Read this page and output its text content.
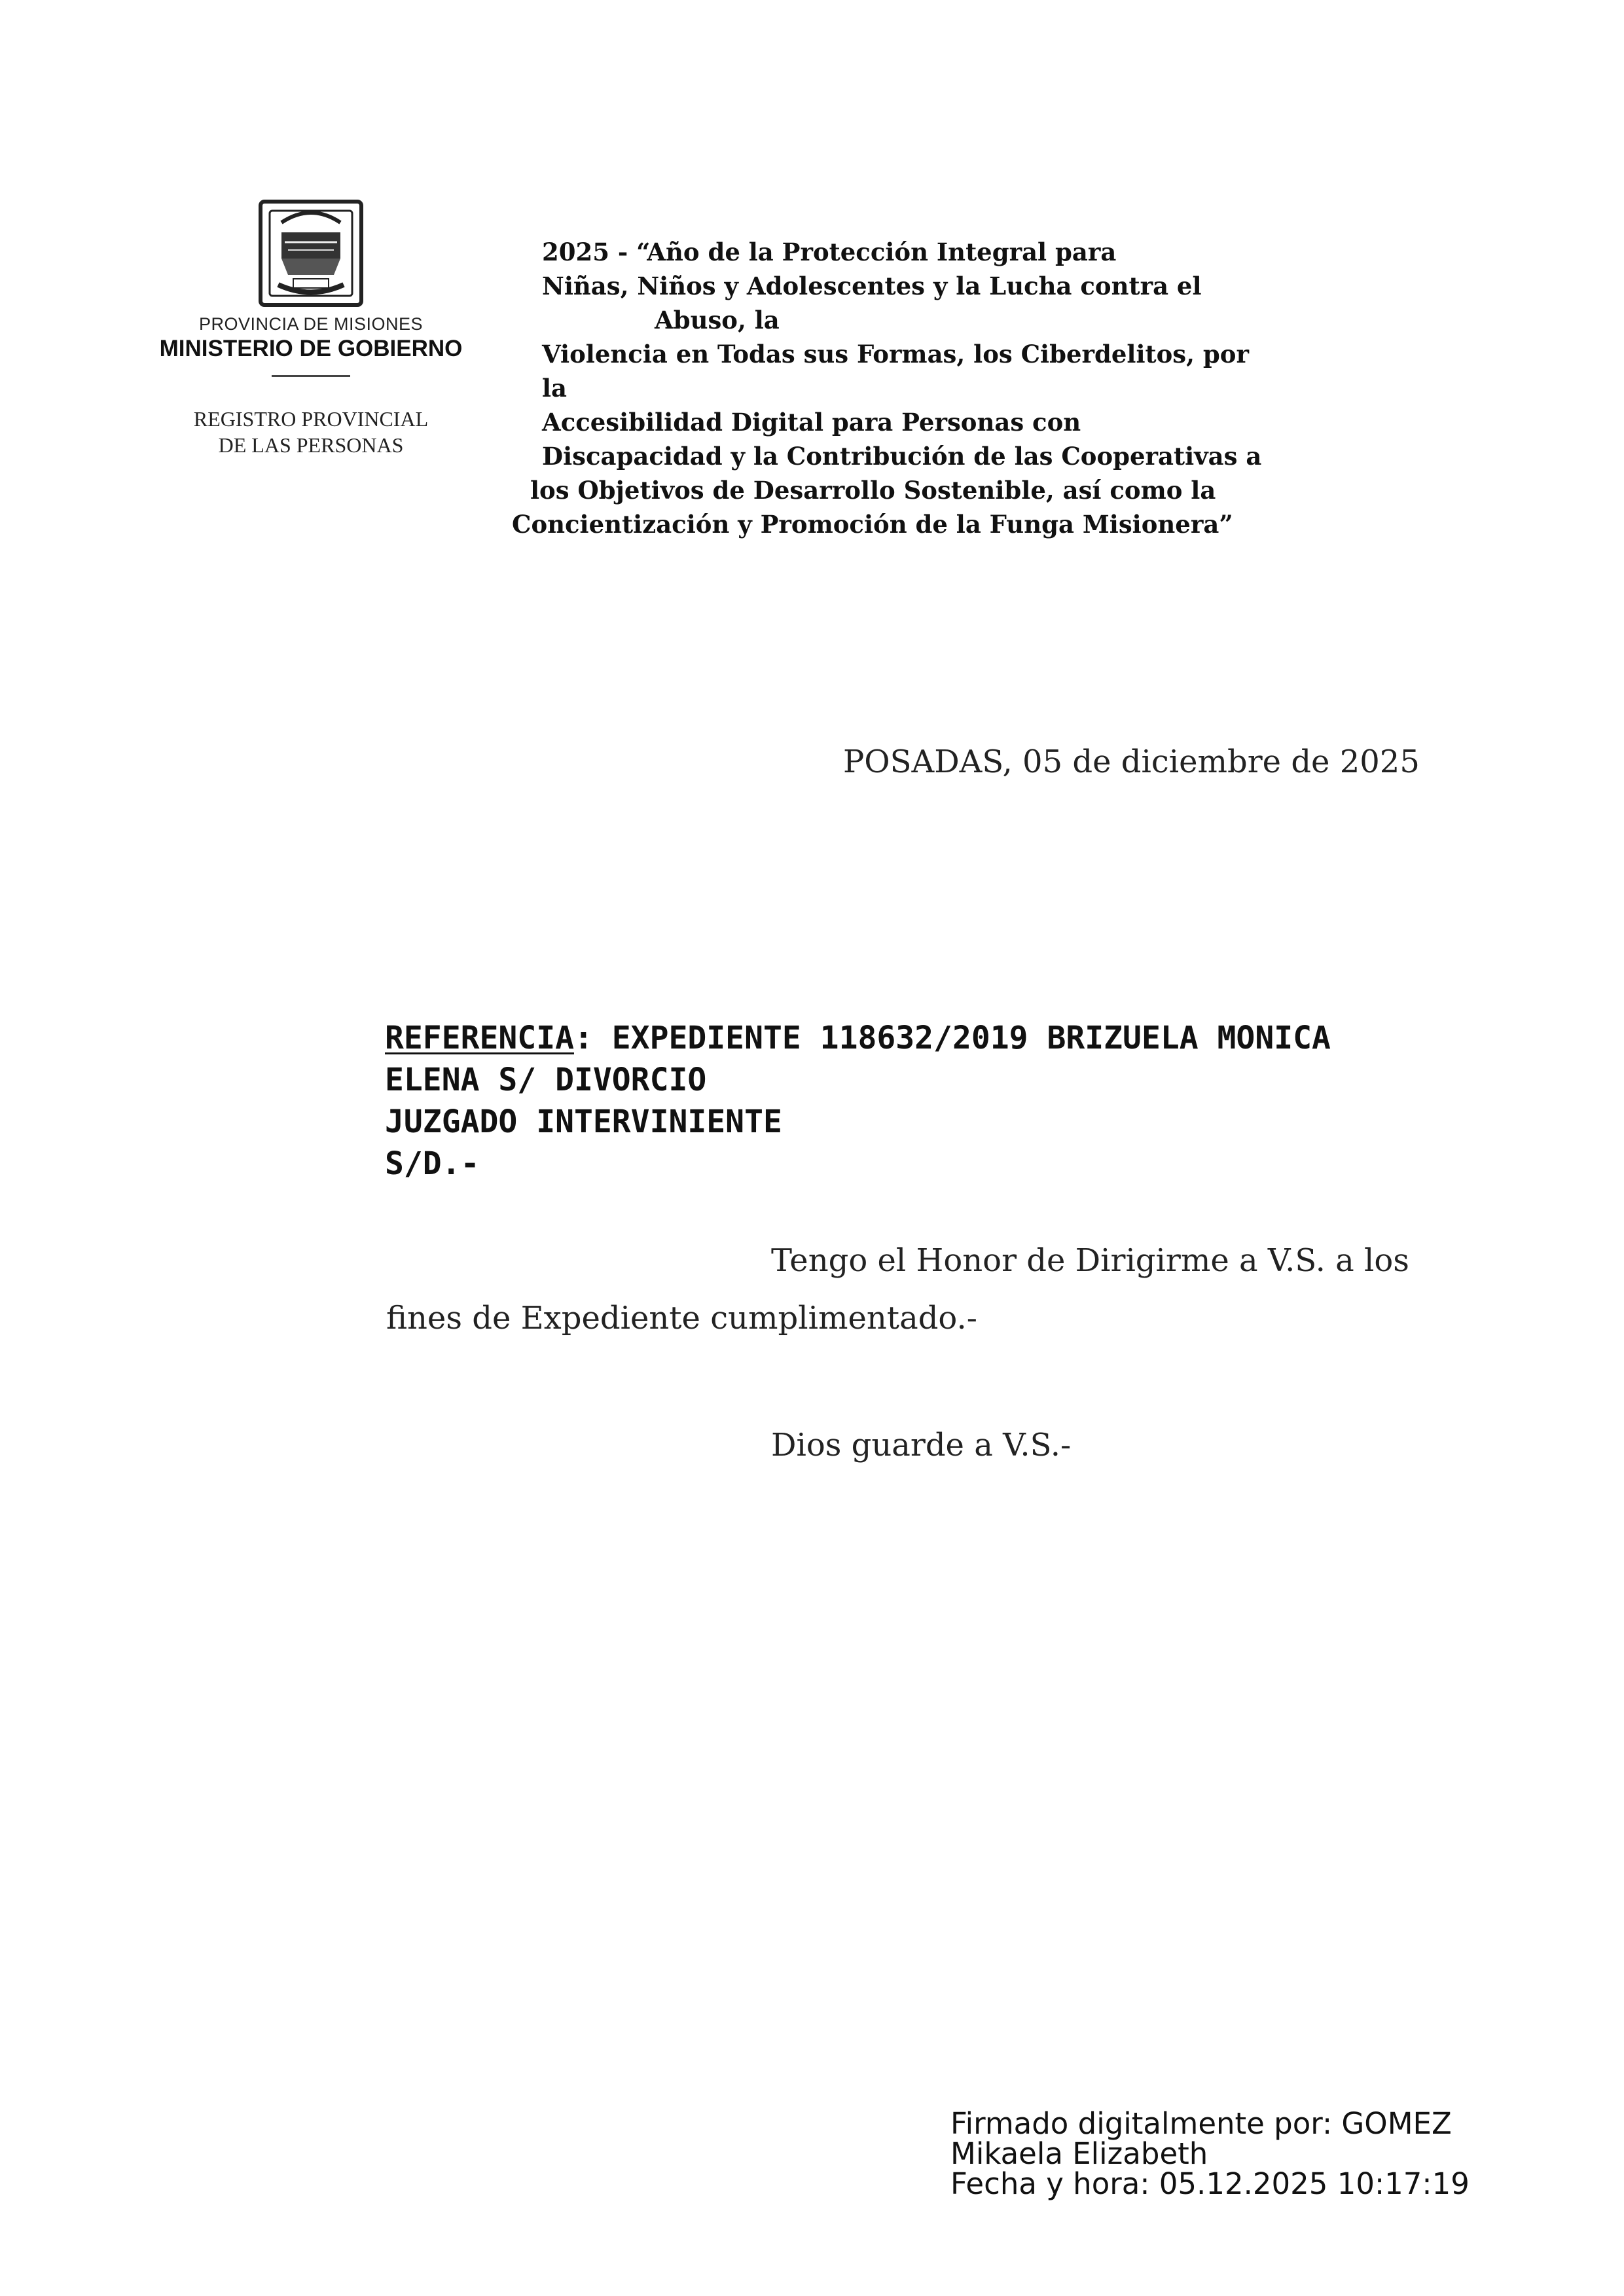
PROVINCIA DE MISIONES
MINISTERIO DE GOBIERNO
REGISTRO PROVINCIAL
DE LAS PERSONAS
2025 - “Año de la Protección Integral para
Niñas, Niños y Adolescentes y la Lucha contra el
Abuso, la
Violencia en Todas sus Formas, los Ciberdelitos, por
la
Accesibilidad Digital para Personas con
Discapacidad y la Contribución de las Cooperativas a
los Objetivos de Desarrollo Sostenible, así como la
Concientización y Promoción de la Funga Misionera”
POSADAS, 05 de diciembre de 2025
REFERENCIA: EXPEDIENTE 118632/2019 BRIZUELA MONICA
ELENA S/ DIVORCIO
JUZGADO INTERVINIENTE
S/D.-
Tengo el Honor de Dirigirme a V.S. a los
fines de Expediente cumplimentado.-
Dios guarde a V.S.-
Firmado digitalmente por: GOMEZ
Mikaela Elizabeth
Fecha y hora: 05.12.2025 10:17:19
